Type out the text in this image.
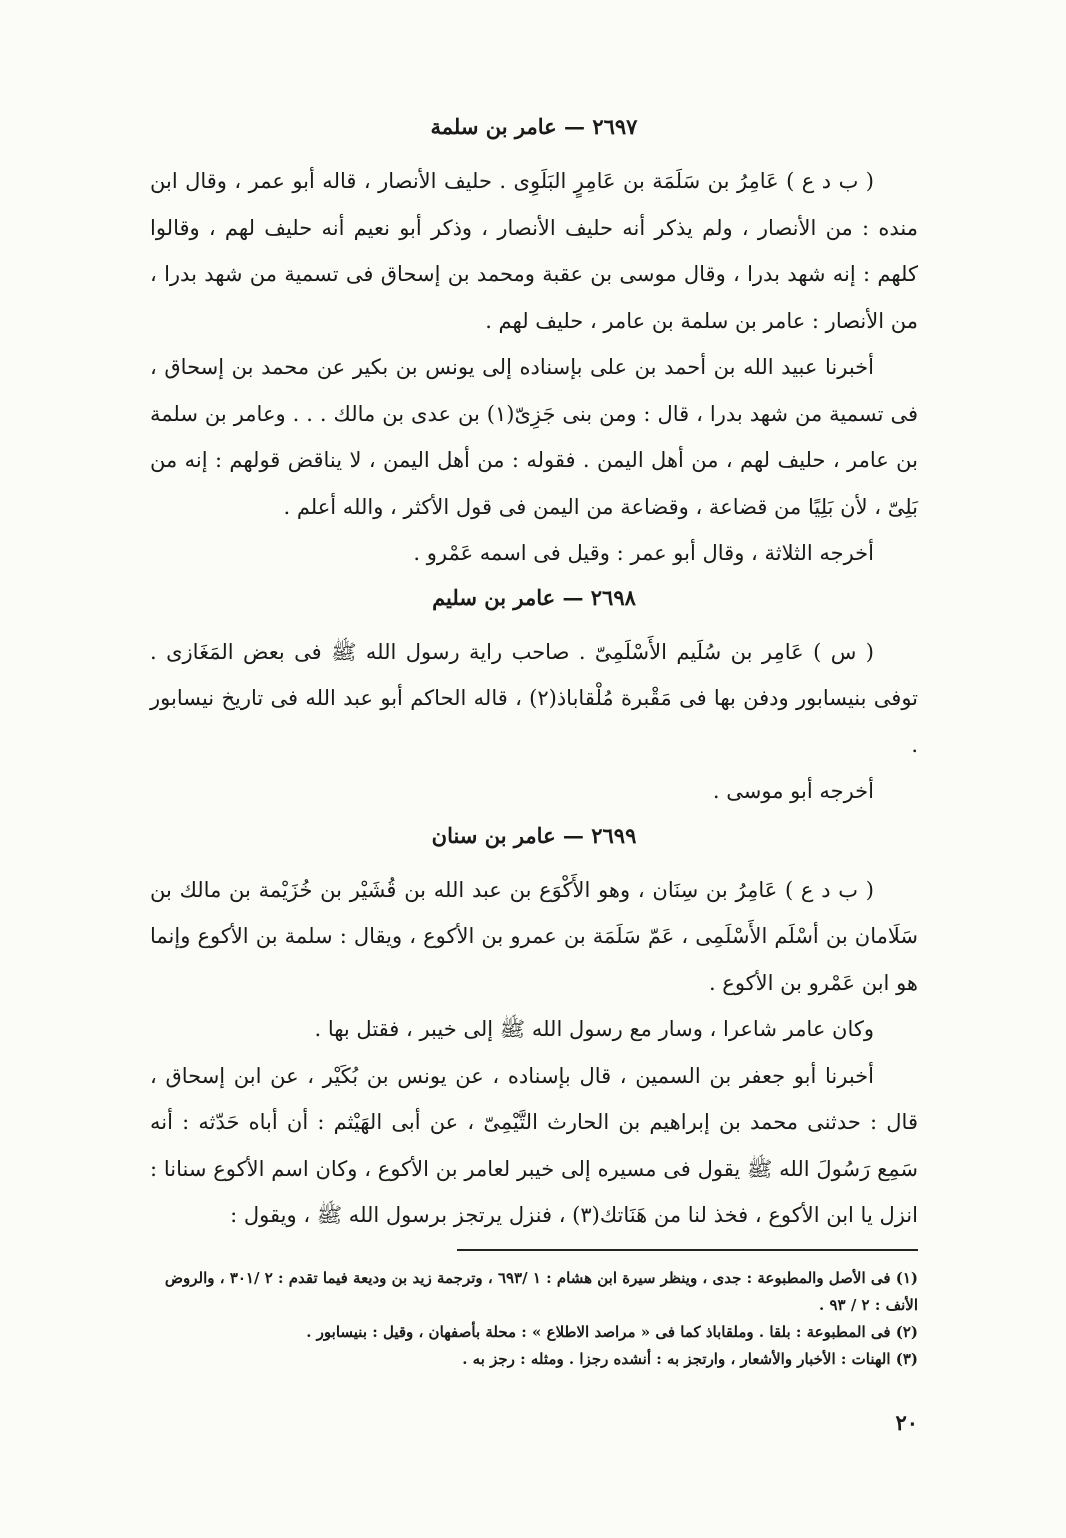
٢٦٩٧ — عامر بن سلمة

( ب د ع ) عَامِرُ بن سَلَمَة بن عَامِرٍ البَلَوِى . حليف الأنصار ، قاله أبو عمر ، وقال ابن منده : من الأنصار ، ولم يذكر أنه حليف الأنصار ، وذكر أبو نعيم أنه حليف لهم ، وقالوا كلهم : إنه شهد بدرا ، وقال موسى بن عقبة ومحمد بن إسحاق فى تسمية من شهد بدرا ، من الأنصار : عامر بن سلمة بن عامر ، حليف لهم .

أخبرنا عبيد الله بن أحمد بن على بإسناده إلى يونس بن بكير عن محمد بن إسحاق ، فى تسمية من شهد بدرا ، قال : ومن بنى جَزِىّ(١) بن عدى بن مالك . . . وعامر بن سلمة بن عامر ، حليف لهم ، من أهل اليمن . فقوله : من أهل اليمن ، لا يناقض قولهم : إنه من بَلِىّ ، لأن بَلِيًا من قضاعة ، وقضاعة من اليمن فى قول الأكثر ، والله أعلم .

أخرجه الثلاثة ، وقال أبو عمر : وقيل فى اسمه عَمْرو .

٢٦٩٨ — عامر بن سليم

( س ) عَامِر بن سُلَيم الأَسْلَمِىّ . صاحب راية رسول الله ﷺ فى بعض المَغَازى . توفى بنيسابور ودفن بها فى مَقْبرة مُلْقاباذ(٢) ، قاله الحاكم أبو عبد الله فى تاريخ نيسابور .

أخرجه أبو موسى .

٢٦٩٩ — عامر بن سنان

( ب د ع ) عَامِرُ بن سِنَان ، وهو الأَكْوَع بن عبد الله بن قُشَيْر بن خُزَيْمة بن مالك بن سَلَامان بن أسْلَم الأَسْلَمِى ، عَمّ سَلَمَة بن عمرو بن الأكوع ، ويقال : سلمة بن الأكوع وإنما هو ابن عَمْرو بن الأكوع .

وكان عامر شاعرا ، وسار مع رسول الله ﷺ إلى خيبر ، فقتل بها .

أخبرنا أبو جعفر بن السمين ، قال بإسناده ، عن يونس بن بُكَيْر ، عن ابن إسحاق ، قال : حدثنى محمد بن إبراهيم بن الحارث التَّيْمِىّ ، عن أبى الهَيْثم : أن أباه حَدّثه : أنه سَمِع رَسُولَ الله ﷺ يقول فى مسيره إلى خيبر لعامر بن الأكوع ، وكان اسم الأكوع سنانا : انزل يا ابن الأكوع ، فخذ لنا من هَنَاتك(٣) ، فنزل يرتجز برسول الله ﷺ ، ويقول :

(١) فى الأصل والمطبوعة : جدى ، وينظر سيرة ابن هشام : ١ /٦٩٣ ، وترجمة زيد بن وديعة فيما تقدم : ٢ /٣٠١ ، والروض الأنف : ٢ / ٩٣ .

(٢) فى المطبوعة : بلقا . وملقاباذ كما فى « مراصد الاطلاع » : محلة بأصفهان ، وقيل : بنيسابور .

(٣) الهنات : الأخبار والأشعار ، وارتجز به : أنشده رجزا . ومثله : رجز به .

٢٠
